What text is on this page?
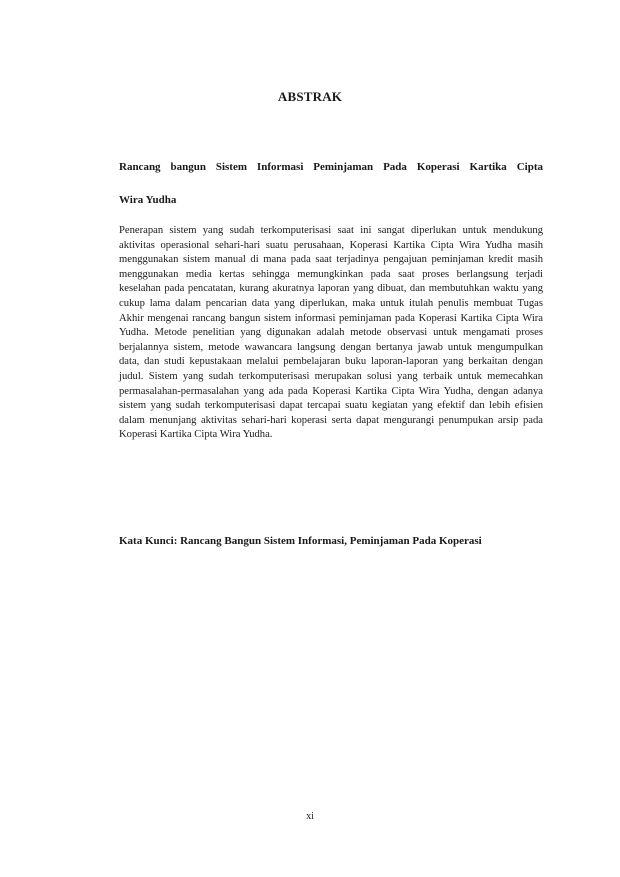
ABSTRAK

Rancang bangun Sistem Informasi Peminjaman Pada Koperasi Kartika Cipta
Wira Yudha

Penerapan sistem yang sudah terkomputerisasi saat ini sangat diperlukan untuk mendukung aktivitas operasional sehari-hari suatu perusahaan, Koperasi Kartika Cipta Wira Yudha masih menggunakan sistem manual di mana pada saat terjadinya pengajuan peminjaman kredit masih menggunakan media kertas sehingga memungkinkan pada saat proses berlangsung terjadi keselahan pada pencatatan, kurang akuratnya laporan yang dibuat, dan membutuhkan waktu yang cukup lama dalam pencarian data yang diperlukan, maka untuk itulah penulis membuat Tugas Akhir mengenai rancang bangun sistem informasi peminjaman pada Koperasi Kartika Cipta Wira Yudha. Metode penelitian yang digunakan adalah metode observasi untuk mengamati proses berjalannya sistem, metode wawancara langsung dengan bertanya jawab untuk mengumpulkan data, dan studi kepustakaan melalui pembelajaran buku laporan-laporan yang berkaitan dengan judul. Sistem yang sudah terkomputerisasi merupakan solusi yang terbaik untuk memecahkan permasalahan-permasalahan yang ada pada Koperasi Kartika Cipta Wira Yudha, dengan adanya sistem yang sudah terkomputerisasi dapat tercapai suatu kegiatan yang efektif dan lebih efisien dalam menunjang aktivitas sehari-hari koperasi serta dapat mengurangi penumpukan arsip pada Koperasi Kartika Cipta Wira Yudha.

Kata Kunci: Rancang Bangun Sistem Informasi, Peminjaman Pada Koperasi

xi
